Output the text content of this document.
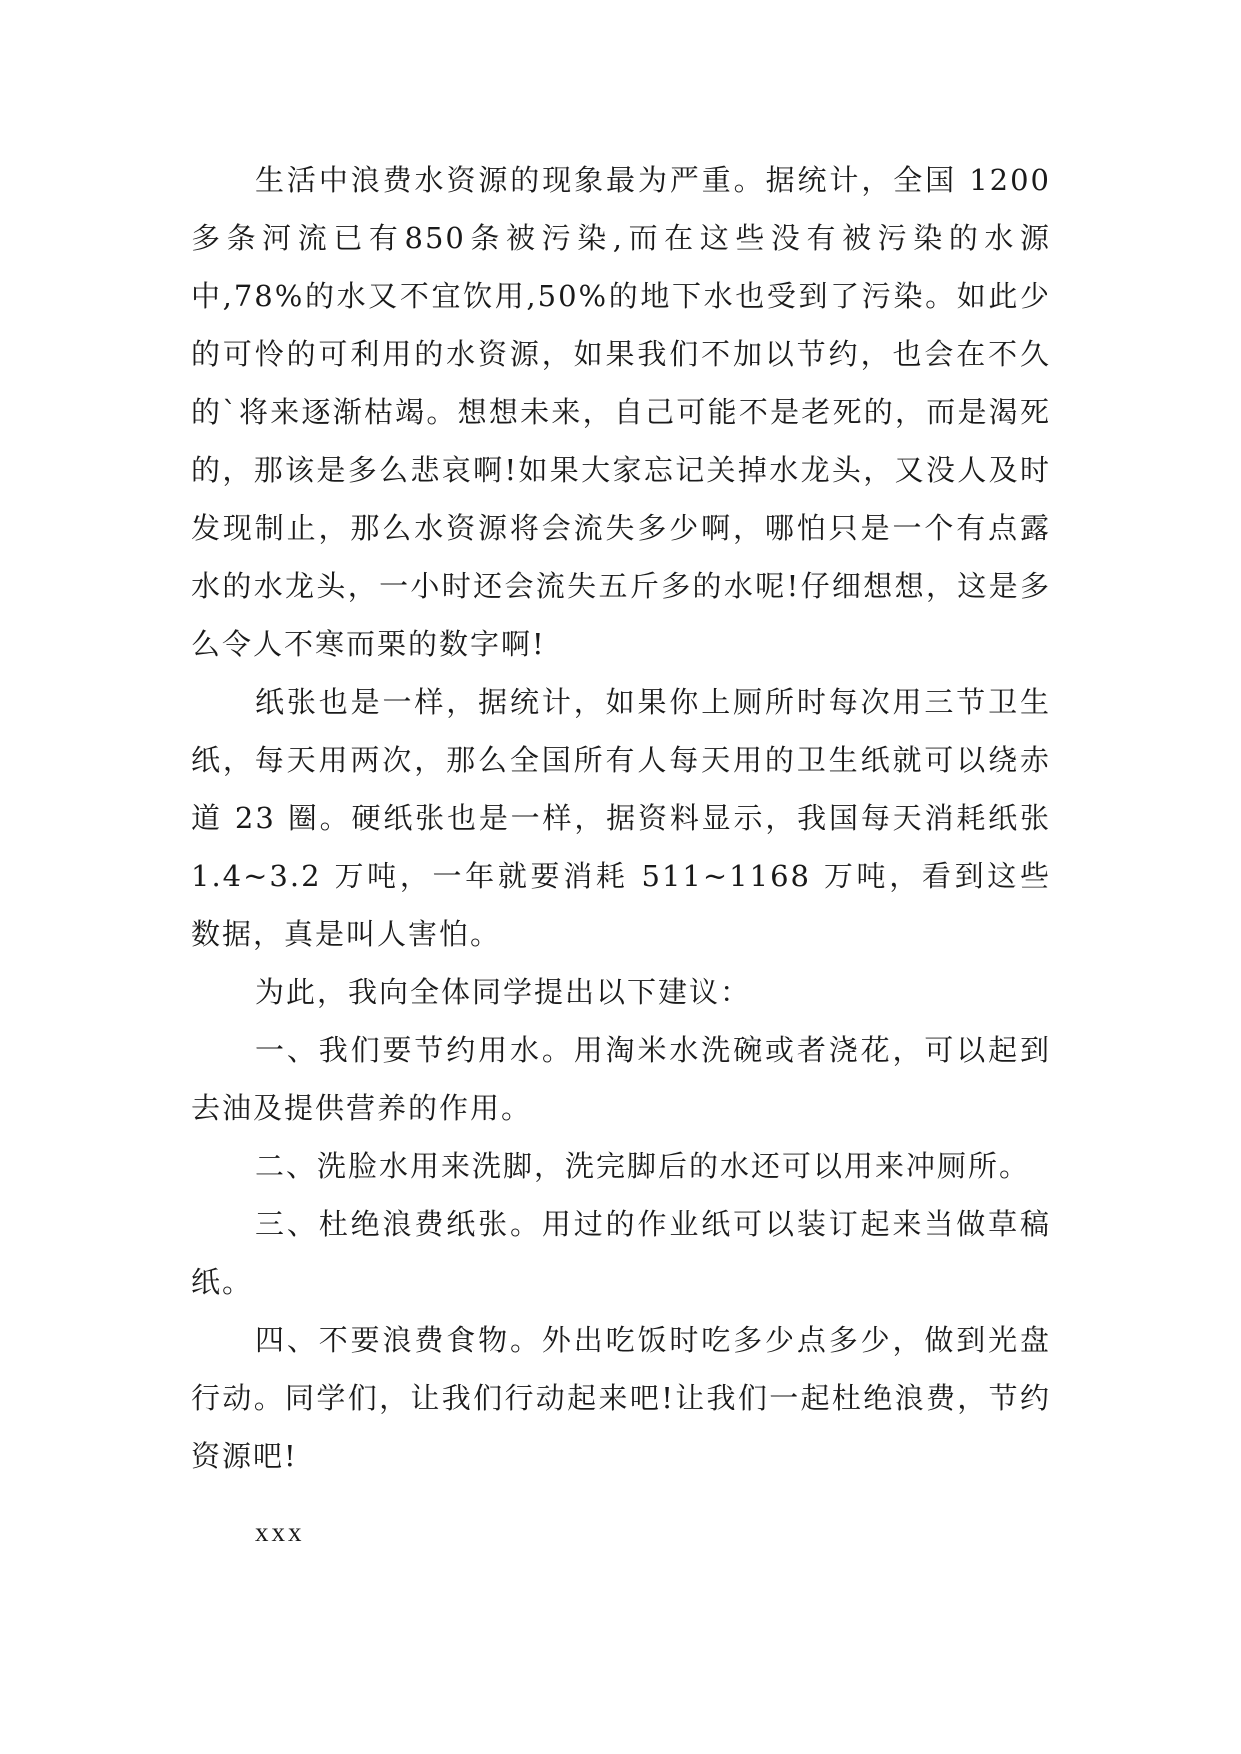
生活中浪费水资源的现象最为严重。据统计，全国 1200 多条河流已有850条被污染,而在这些没有被污染的水源中,78%的水又不宜饮用,50%的地下水也受到了污染。如此少的可怜的可利用的水资源，如果我们不加以节约，也会在不久的`将来逐渐枯竭。想想未来，自己可能不是老死的，而是渴死的，那该是多么悲哀啊!如果大家忘记关掉水龙头，又没人及时发现制止，那么水资源将会流失多少啊，哪怕只是一个有点露水的水龙头，一小时还会流失五斤多的水呢!仔细想想，这是多么令人不寒而栗的数字啊!

纸张也是一样，据统计，如果你上厕所时每次用三节卫生纸，每天用两次，那么全国所有人每天用的卫生纸就可以绕赤道 23 圈。硬纸张也是一样，据资料显示，我国每天消耗纸张 1.4~3.2 万吨，一年就要消耗 511~1168 万吨，看到这些数据，真是叫人害怕。

为此，我向全体同学提出以下建议：

一、我们要节约用水。用淘米水洗碗或者浇花，可以起到去油及提供营养的作用。

二、洗脸水用来洗脚，洗完脚后的水还可以用来冲厕所。

三、杜绝浪费纸张。用过的作业纸可以装订起来当做草稿纸。

四、不要浪费食物。外出吃饭时吃多少点多少，做到光盘行动。同学们，让我们行动起来吧!让我们一起杜绝浪费，节约资源吧!

xxx
